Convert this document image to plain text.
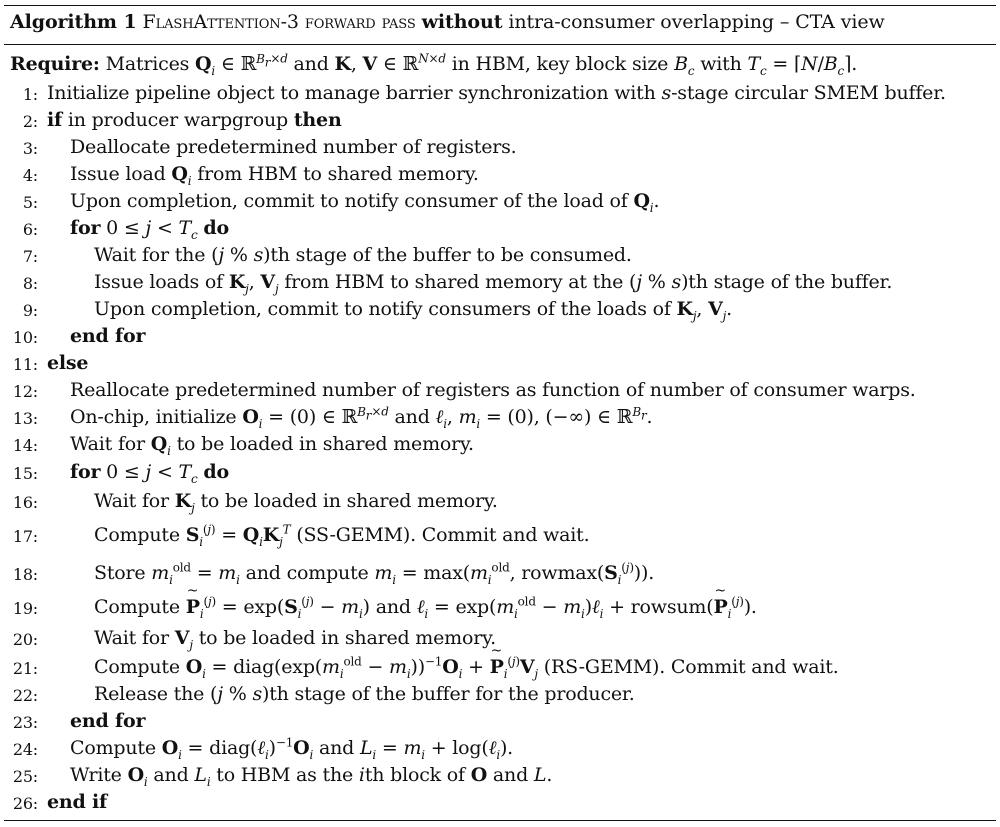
Algorithm 1 FlashAttention-3 forward pass without intra-consumer overlapping – CTA view
Require: Matrices $Q_i$ ∈ ℝ$^{B_r\times d}$ and K, V ∈ ℝ$^{N\times d}$ in HBM, key block size $B_c$ with $T_c$ = $⌈N/B_c⌉$.
1: Initialize pipeline object to manage barrier synchronization with s-stage circular SMEM buffer.
2: if in producer warpgroup then
3: Deallocate predetermined number of registers.
4: Issue load $Q_i$ from HBM to shared memory.
5: Upon completion, commit to notify consumer of the load of $Q_i$.
6: for $0 \le j < T_c$ do
7:	Wait for the (j % s)th stage of the buffer to be consumed.
8:	Issue loads of $K_j$, $V_j$ from HBM to shared memory at the (j % s)th stage of the buffer.
9:	Upon completion, commit to notify consumers of the loads of $K_j$, $V_j$.
10: end for
11: else
12: Reallocate predetermined number of registers as function of number of consumer warps.
13: On-chip, initialize $O_i = (0)$ ∈ ℝ$^{B_r\times d}$ and ℓ$_i$, $m_i = (0)$, (−∞) ∈ ℝ$^{B_r}$.
14: Wait for $Q_i$ to be loaded in shared memory.
15: for $0 \le j < T_c$ do
16:	Wait for $K_j$ to be loaded in shared memory.
17:	Compute $S_i^{(j)} = Q_iK_j^T$ (SS-GEMM). Commit and wait.
18:	Store $m_i^{old} = m_i$ and compute $m_i = \max(m_i^{old}$, $rowmax(S_i^{(j)})$).
19:	Compute ~ $P_i^{(j)} = \exp(S_i^{(j)} - m_i)$ and ℓ$_i$ = $\exp(m_i^{old}$ − $m_i)\ell_i$ + rowsum(~ $P_i^{(j)}$).
20:	Wait for $V_j$ to be loaded in shared memory.
21:	Compute $O_i$ = $diag(\exp(m_i^{old} - m_i))^{-1}O_i$ + ~ $P_i^{(j)}V_j$ (RS-GEMM). Commit and wait.
22:	Release the (j % s)th stage of the buffer for the producer.
23: end for
24: Compute $O_i$ = $diag(\ell_i)^{-1}O_i$ and $L_i = m_i$ + log(ℓ$_i$).
25: Write $O_i$ and $L_i$ to HBM as the ith block of O and L.
26: end if
